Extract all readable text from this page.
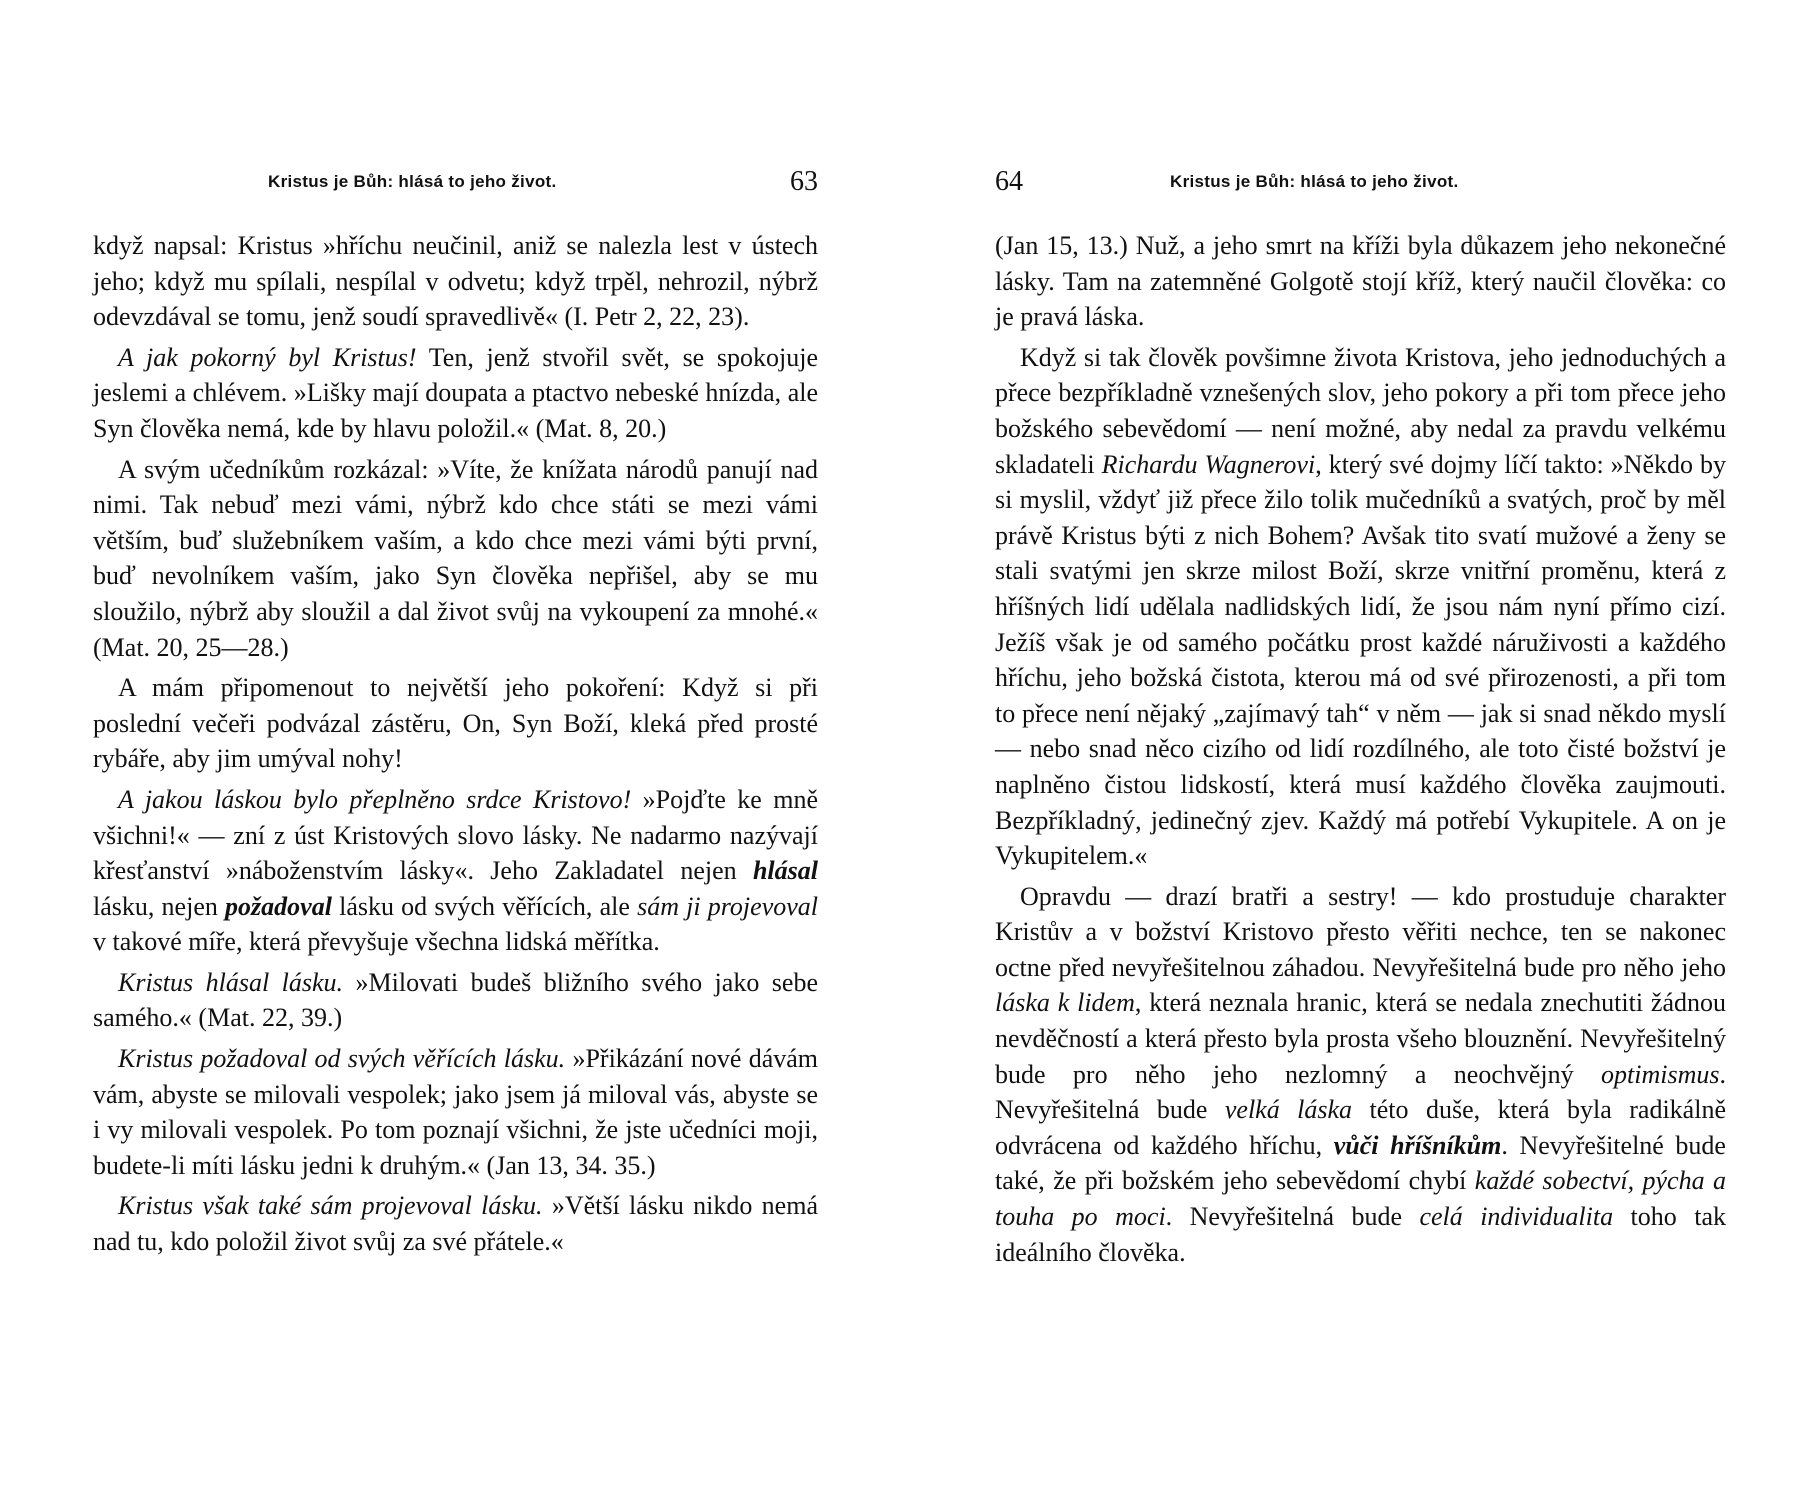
Kristus je Bůh: hlásá to jeho život.	63

když napsal: Kristus »hříchu neučinil, aniž se nalezla lest v ústech jeho; když mu spílali, nespílal v odvetu; když trpěl, nehrozil, nýbrž odevzdával se tomu, jenž soudí spravedlivě« (I. Petr 2, 22, 23).

A jak pokorný byl Kristus! Ten, jenž stvořil svět, se spokojuje jeslemi a chlévem. »Lišky mají doupata a ptactvo nebeské hnízda, ale Syn člověka nemá, kde by hlavu položil.« (Mat. 8, 20.)

A svým učedníkům rozkázal: »Víte, že knížata národů panují nad nimi. Tak nebuď mezi vámi, nýbrž kdo chce státi se mezi vámi větším, buď služebníkem vaším, a kdo chce mezi vámi býti první, buď nevolníkem vaším, jako Syn člověka nepřišel, aby se mu sloužilo, nýbrž aby sloužil a dal život svůj na vykoupení za mnohé.« (Mat. 20, 25—28.)

A mám připomenout to největší jeho pokoření: Když si při poslední večeři podvázal zástěru, On, Syn Boží, kleká před prosté rybáře, aby jim umýval nohy!

A jakou láskou bylo přeplněno srdce Kristovo! »Pojďte ke mně všichni!« — zní z úst Kristových slovo lásky. Ne nadarmo nazývají křesťanství »náboženstvím lásky«. Jeho Zakladatel nejen hlásal lásku, nejen požadoval lásku od svých věřících, ale sám ji projevoval v takové míře, která převyšuje všechna lidská měřítka.

Kristus hlásal lásku. »Milovati budeš bližního svého jako sebe samého.« (Mat. 22, 39.)

Kristus požadoval od svých věřících lásku. »Přikázání nové dávám vám, abyste se milovali vespolek; jako jsem já miloval vás, abyste se i vy milovali vespolek. Po tom poznají všichni, že jste učedníci moji, budete-li míti lásku jedni k druhým.« (Jan 13, 34. 35.)

Kristus však také sám projevoval lásku. »Větší lásku nikdo nemá nad tu, kdo položil život svůj za své přátele.«

64	Kristus je Bůh: hlásá to jeho život.

(Jan 15, 13.) Nuž, a jeho smrt na kříži byla důkazem jeho nekonečné lásky. Tam na zatemněné Golgotě stojí kříž, který naučil člověka: co je pravá láska.

Když si tak člověk povšimne života Kristova, jeho jednoduchých a přece bezpříkladně vznešených slov, jeho pokory a při tom přece jeho božského sebevědomí — není možné, aby nedal za pravdu velkému skladateli Richardu Wagnerovi, který své dojmy líčí takto: »Někdo by si myslil, vždyť již přece žilo tolik mučedníků a svatých, proč by měl právě Kristus býti z nich Bohem? Avšak tito svatí mužové a ženy se stali svatými jen skrze milost Boží, skrze vnitřní proměnu, která z hříšných lidí udělala nadlidských lidí, že jsou nám nyní přímo cizí. Ježíš však je od samého počátku prost každé náruživosti a každého hříchu, jeho božská čistota, kterou má od své přirozenosti, a při tom to přece není nějaký „zajímavý tah“ v něm — jak si snad někdo myslí — nebo snad něco cizího od lidí rozdílného, ale toto čisté božství je naplněno čistou lidskostí, která musí každého člověka zaujmouti. Bezpříkladný, jedinečný zjev. Každý má potřebí Vykupitele. A on je Vykupitelem.«

Opravdu — drazí bratři a sestry! — kdo prostuduje charakter Kristův a v božství Kristovo přesto věřiti nechce, ten se nakonec octne před nevyřešitelnou záhadou. Nevyřešitelná bude pro něho jeho láska k lidem, která neznala hranic, která se nedala znechutiti žádnou nevděčností a která přesto byla prosta všeho blouznění. Nevyřešitelný bude pro něho jeho nezlomný a neochvějný optimismus. Nevyřešitelná bude velká láska této duše, která byla radikálně odvrácena od každého hříchu, vůči hříšníkům. Nevyřešitelné bude také, že při božském jeho sebevědomí chybí každé sobectví, pýcha a touha po moci. Nevyřešitelná bude celá individualita toho tak ideálního člověka.
